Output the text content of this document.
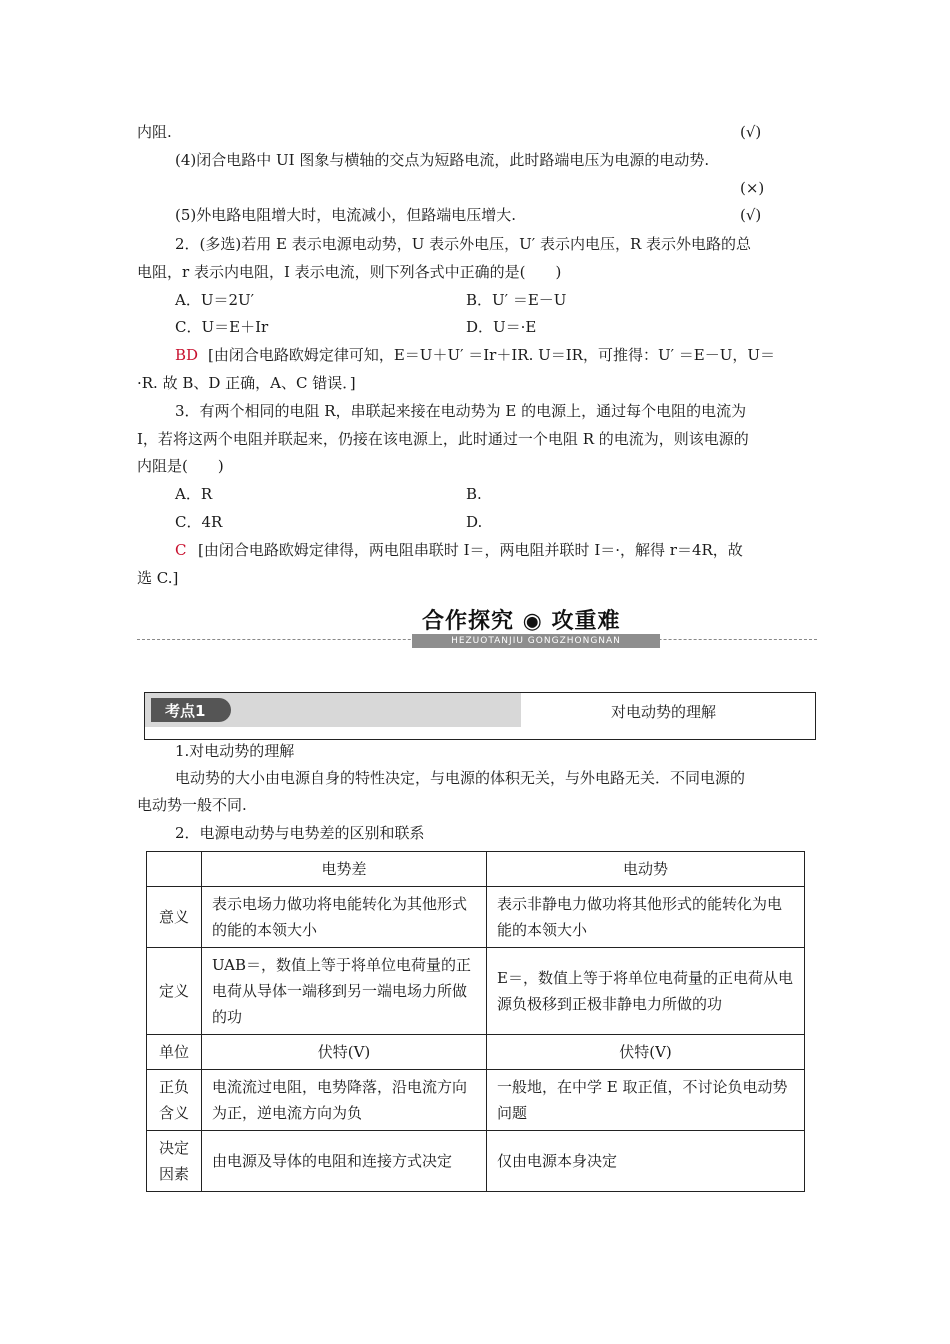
内阻.	(√)
(4)闭合电路中 UI 图象与横轴的交点为短路电流，此时路端电压为电源的电动势.
(×)
(5)外电路电阻增大时，电流减小，但路端电压增大.	(√)
2．(多选)若用 E 表示电源电动势，U 表示外电压，U′ 表示内电压，R 表示外电路的总
电阻，r 表示内电阻，I 表示电流，则下列各式中正确的是(　　)
A．U＝2U′	B．U′ ＝E－U
C．U＝E＋Ir	D．U＝·E
BD [由闭合电路欧姆定律可知，E＝U＋U′ ＝Ir＋IR. U＝IR，可推得：U′ ＝E－U，U＝
·R. 故 B、D 正确，A、C 错误．]
3．有两个相同的电阻 R，串联起来接在电动势为 E 的电源上，通过每个电阻的电流为
I，若将这两个电阻并联起来，仍接在该电源上，此时通过一个电阻 R 的电流为，则该电源的
内阻是(　　)
A．R	B.
C．4R	D.
C [由闭合电路欧姆定律得，两电阻串联时 I＝，两电阻并联时 I＝·，解得 r＝4R，故
选 C.]
合作探究 ◉ 攻重难
HEZUOTANJIU GONGZHONGNAN
考点1	对电动势的理解
1.对电动势的理解
电动势的大小由电源自身的特性决定，与电源的体积无关，与外电路无关．不同电源的
电动势一般不同.
2．电源电动势与电势差的区别和联系
	电势差	电动势
意义	表示电场力做功将电能转化为其他形式的能的本领大小	表示非静电力做功将其他形式的能转化为电能的本领大小
定义	UAB＝，数值上等于将单位电荷量的正电荷从导体一端移到另一端电场力所做的功	E＝，数值上等于将单位电荷量的正电荷从电源负极移到正极非静电力所做的功
单位	伏特(V)	伏特(V)
正负含义	电流流过电阻，电势降落，沿电流方向为正，逆电流方向为负	一般地，在中学 E 取正值，不讨论负电动势问题
决定因素	由电源及导体的电阻和连接方式决定	仅由电源本身决定
